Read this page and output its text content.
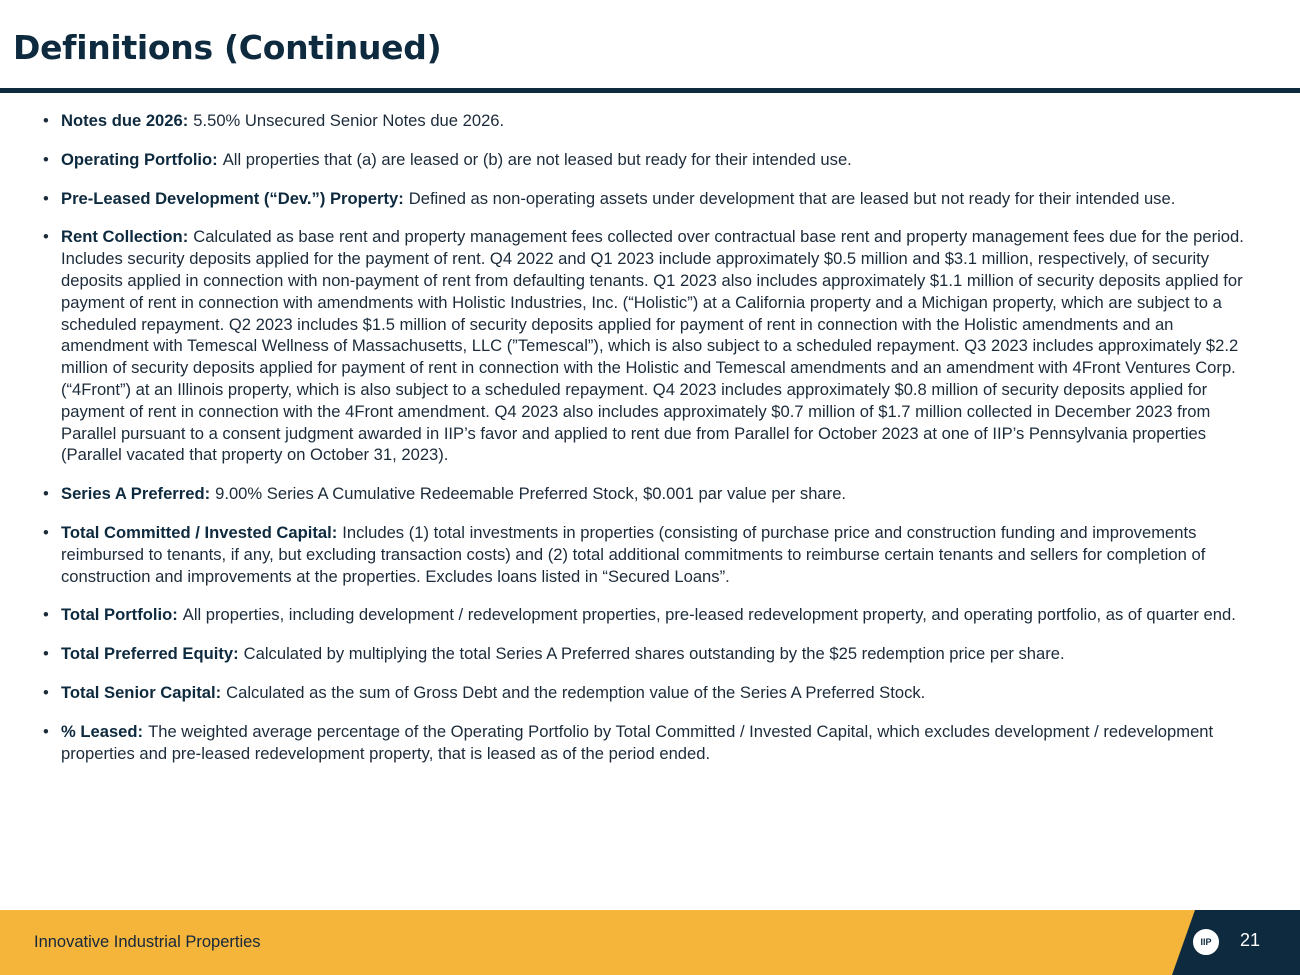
Definitions (Continued)
• Notes due 2026: 5.50% Unsecured Senior Notes due 2026.
• Operating Portfolio: All properties that (a) are leased or (b) are not leased but ready for their intended use.
• Pre-Leased Development (“Dev.”) Property: Defined as non-operating assets under development that are leased but not ready for their intended use.
• Rent Collection: Calculated as base rent and property management fees collected over contractual base rent and property management fees due for the period. Includes security deposits applied for the payment of rent. Q4 2022 and Q1 2023 include approximately $0.5 million and $3.1 million, respectively, of security deposits applied in connection with non-payment of rent from defaulting tenants. Q1 2023 also includes approximately $1.1 million of security deposits applied for payment of rent in connection with amendments with Holistic Industries, Inc. (“Holistic”) at a California property and a Michigan property, which are subject to a scheduled repayment. Q2 2023 includes $1.5 million of security deposits applied for payment of rent in connection with the Holistic amendments and an amendment with Temescal Wellness of Massachusetts, LLC (”Temescal”), which is also subject to a scheduled repayment. Q3 2023 includes approximately $2.2 million of security deposits applied for payment of rent in connection with the Holistic and Temescal amendments and an amendment with 4Front Ventures Corp. (“4Front”) at an Illinois property, which is also subject to a scheduled repayment. Q4 2023 includes approximately $0.8 million of security deposits applied for payment of rent in connection with the 4Front amendment. Q4 2023 also includes approximately $0.7 million of $1.7 million collected in December 2023 from Parallel pursuant to a consent judgment awarded in IIP’s favor and applied to rent due from Parallel for October 2023 at one of IIP’s Pennsylvania properties (Parallel vacated that property on October 31, 2023).
• Series A Preferred: 9.00% Series A Cumulative Redeemable Preferred Stock, $0.001 par value per share.
• Total Committed / Invested Capital: Includes (1) total investments in properties (consisting of purchase price and construction funding and improvements reimbursed to tenants, if any, but excluding transaction costs) and (2) total additional commitments to reimburse certain tenants and sellers for completion of construction and improvements at the properties. Excludes loans listed in “Secured Loans”.
• Total Portfolio: All properties, including development / redevelopment properties, pre-leased redevelopment property, and operating portfolio, as of quarter end.
• Total Preferred Equity: Calculated by multiplying the total Series A Preferred shares outstanding by the $25 redemption price per share.
• Total Senior Capital: Calculated as the sum of Gross Debt and the redemption value of the Series A Preferred Stock.
• % Leased: The weighted average percentage of the Operating Portfolio by Total Committed / Invested Capital, which excludes development / redevelopment properties and pre-leased redevelopment property, that is leased as of the period ended.
Innovative Industrial Properties	IIP 21
